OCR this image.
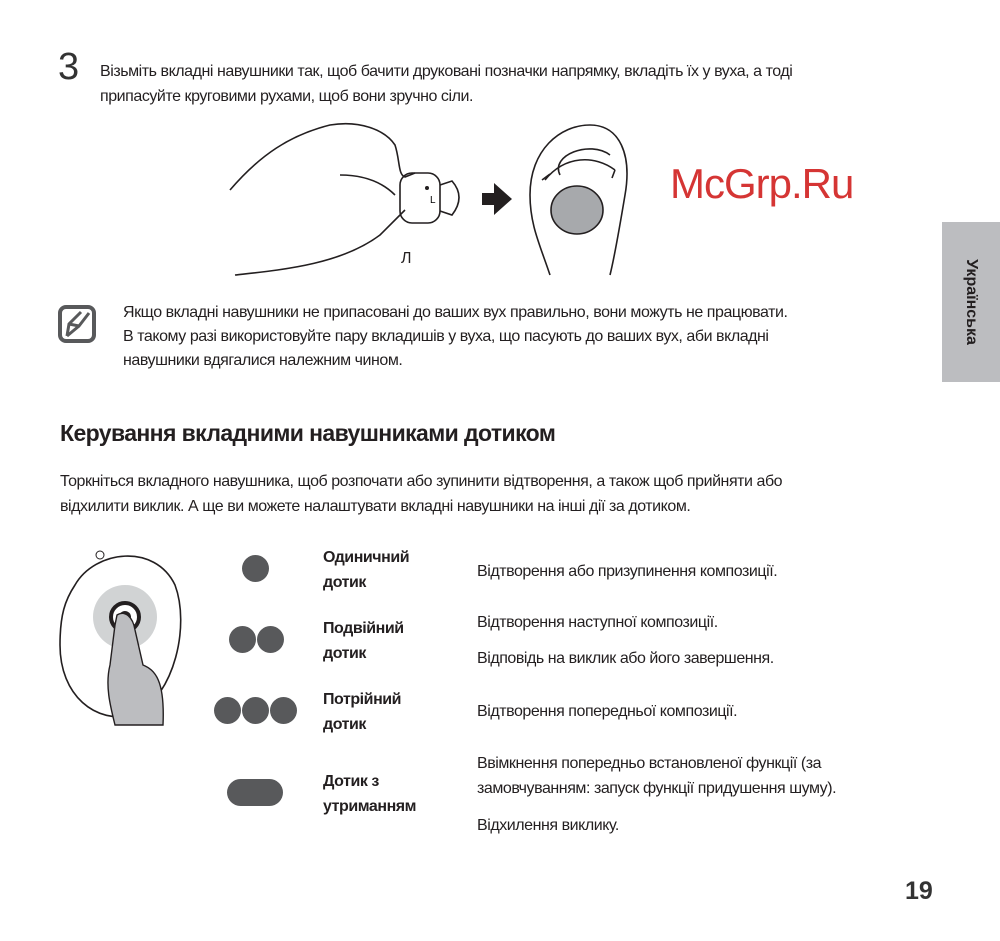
3 Візьміть вкладні навушники так, щоб бачити друковані позначки напрямку, вкладіть їх у вуха, а тоді
припасуйте круговими рухами, щоб вони зручно сіли.
L
Л
McGrp.Ru
Якщо вкладні навушники не припасовані до ваших вух правильно, вони можуть не працювати.
В такому разі використовуйте пару вкладишів у вуха, що пасують до ваших вух, аби вкладні
навушники вдягалися належним чином.
Українська
Керування вкладними навушниками дотиком
Торкніться вкладного навушника, щоб розпочати або зупинити відтворення, а також щоб прийняти або
відхилити виклик. А ще ви можете налаштувати вкладні навушники на інші дії за дотиком.
Одиничний
дотик
Відтворення або призупинення композиції.
Подвійний
дотик
Відтворення наступної композиції.
Відповідь на виклик або його завершення.
Потрійний
дотик
Відтворення попередньої композиції.
Дотик з
утриманням
Ввімкнення попередньо встановленої функції (за
замовчуванням: запуск функції придушення шуму).
Відхилення виклику.
19
